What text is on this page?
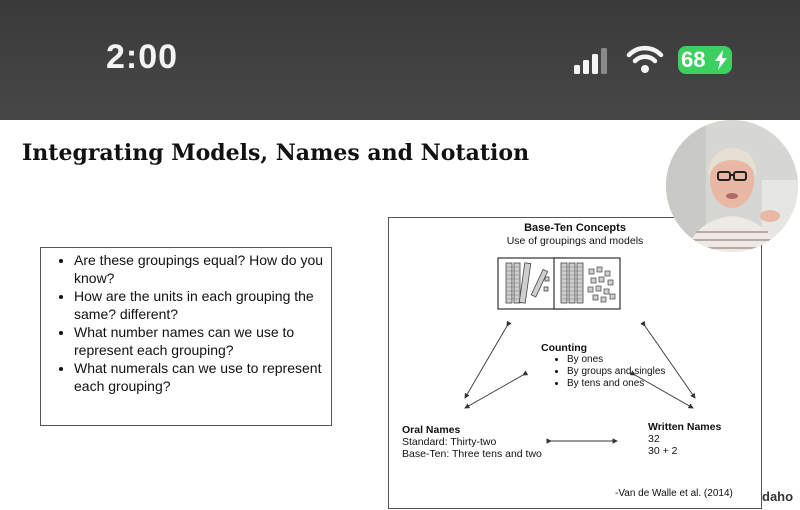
2:00	68
Integrating Models, Names and Notation
• Are these groupings equal? How do you know?
• How are the units in each grouping the same? different?
• What number names can we use to represent each grouping?
• What numerals can we use to represent each grouping?
Base-Ten Concepts
Use of groupings and models
Counting
• By ones
• By groups and singles
• By tens and ones
Oral Names
Standard: Thirty-two
Base-Ten: Three tens and two
Written Names
32
30 + 2
-Van de Walle et al. (2014) daho
